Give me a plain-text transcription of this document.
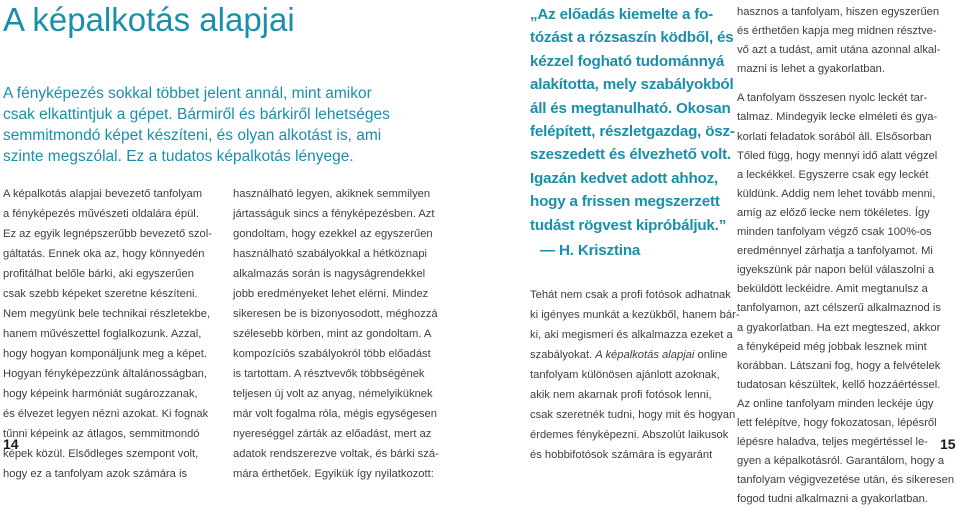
A képalkotás alapjai
A fényképezés sokkal többet jelent annál, mint amikor
csak elkattintjuk a gépet. Bármiről és bárkiről lehetséges
semmitmondó képet készíteni, és olyan alkotást is, ami
szinte megszólal. Ez a tudatos képalkotás lényege.
A képalkotás alapjai bevezető tanfolyam
a fényképezés művészeti oldalára épül.
Ez az egyik legnépszerűbb bevezető szol-
gáltatás. Ennek oka az, hogy könnyedén
profitálhat belőle bárki, aki egyszerűen
csak szebb képeket szeretne készíteni.
Nem megyünk bele technikai részletekbe,
hanem művészettel foglalkozunk. Azzal,
hogy hogyan komponáljunk meg a képet.
Hogyan fényképezzünk általánosságban,
hogy képeink harmóniát sugározzanak,
és élvezet legyen nézni azokat. Ki fognak
tűnni képeink az átlagos, semmitmondó
képek közül. Elsődleges szempont volt,
hogy ez a tanfolyam azok számára is
használható legyen, akiknek semmilyen
jártasságuk sincs a fényképezésben. Azt
gondoltam, hogy ezekkel az egyszerűen
használható szabályokkal a hétköznapi
alkalmazás során is nagyságrendekkel
jobb eredményeket lehet elérni. Mindez
sikeresen be is bizonyosodott, méghozzá
szélesebb körben, mint az gondoltam. A
kompozíciós szabályokról több előadást
is tartottam. A résztvevők többségének
teljesen új volt az anyag, némelyiküknek
már volt fogalma róla, mégis egységesen
nyereséggel zárták az előadást, mert az
adatok rendszerezve voltak, és bárki szá-
mára érthetőek. Egyikük így nyilatkozott:
14
„Az előadás kiemelte a fo-
tózást a rózsaszín ködből, és
kézzel fogható tudománnyá
alakította, mely szabályokból
áll és megtanulható. Okosan
felépített, részletgazdag, ösz-
szeszedett és élvezhető volt.
Igazán kedvet adott ahhoz,
hogy a frissen megszerzett
tudást rögvest kipróbáljuk.”
— H. Krisztina
Tehát nem csak a profi fotósok adhatnak
ki igényes munkát a kezükből, hanem bár-
ki, aki megismeri és alkalmazza ezeket a
szabályokat. A képalkotás alapjai online
tanfolyam különösen ajánlott azoknak,
akik nem akarnak profi fotósok lenni,
csak szeretnék tudni, hogy mit és hogyan
érdemes fényképezni. Abszolút laikusok
és hobbifotósok számára is egyaránt
hasznos a tanfolyam, hiszen egyszerűen
és érthetően kapja meg midnen résztve-
vő azt a tudást, amit utána azonnal alkal-
mazni is lehet a gyakorlatban.
A tanfolyam összesen nyolc leckét tar-
talmaz. Mindegyik lecke elméleti és gya-
korlati feladatok sorából áll. Elsősorban
Tőled függ, hogy mennyi idő alatt végzel
a leckékkel. Egyszerre csak egy leckét
küldünk. Addig nem lehet tovább menni,
amíg az előző lecke nem tökéletes. Így
minden tanfolyam végző csak 100%-os
eredménnyel zárhatja a tanfolyamot. Mi
igyekszünk pár napon belül válaszolni a
beküldött leckéidre. Amit megtanulsz a
tanfolyamon, azt célszerű alkalmaznod is
a gyakorlatban. Ha ezt megteszed, akkor
a fényképeid még jobbak lesznek mint
korábban. Látszani fog, hogy a felvételek
tudatosan készültek, kellő hozzáértéssel.
Az online tanfolyam minden leckéje úgy
lett felépítve, hogy fokozatosan, lépésről
lépésre haladva, teljes megértéssel le-
gyen a képalkotásról. Garantálom, hogy a
tanfolyam végigvezetése után, és sikeresen
fogod tudni alkalmazni a gyakorlatban.
15
